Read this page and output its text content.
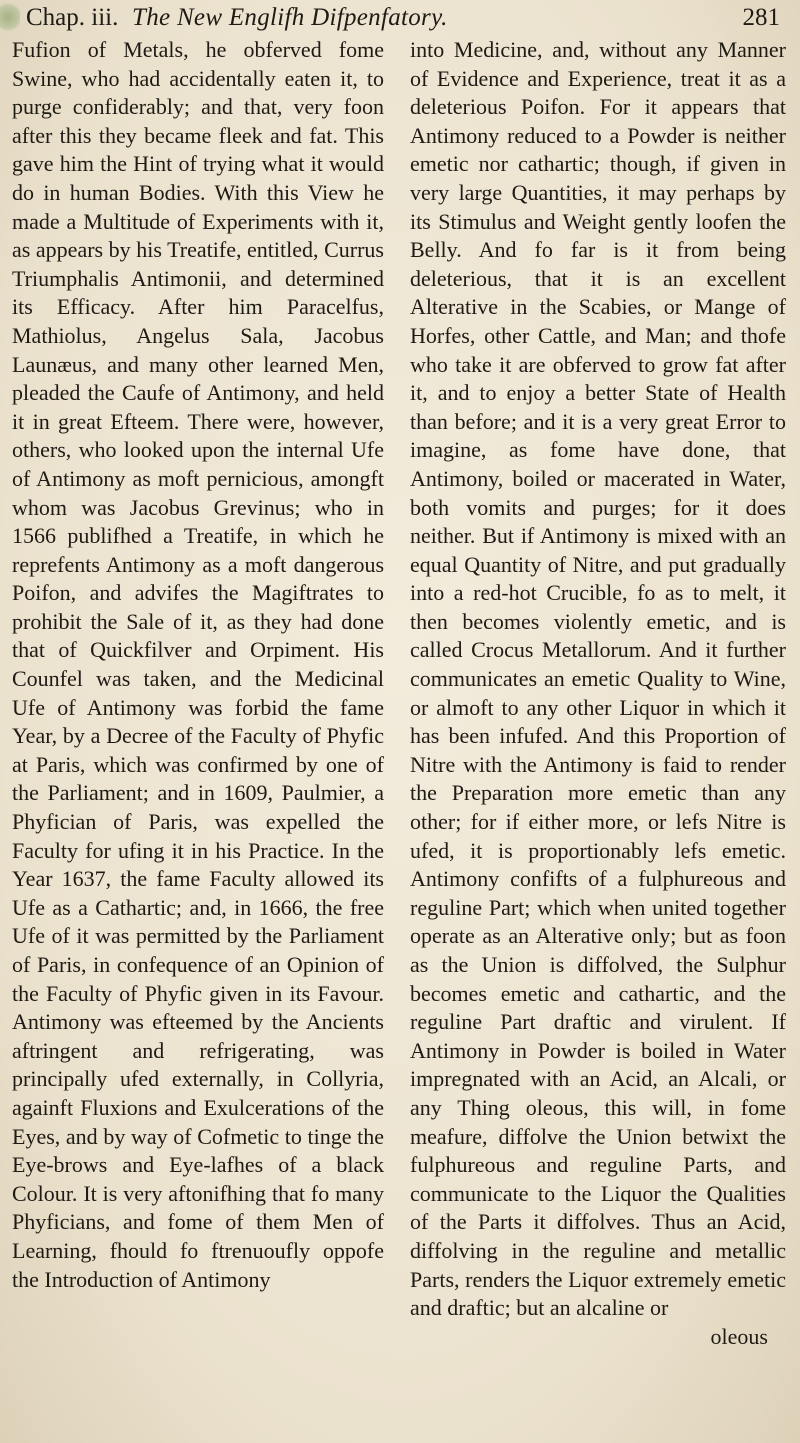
Chap. iii. The New Englifh Difpenfatory.	281

Fufion of Metals, he obferved fome Swine, who had accidentally eaten it, to purge confiderably; and that, very foon after this they became fleek and fat. This gave him the Hint of trying what it would do in human Bodies. With this View he made a Multitude of Experiments with it, as appears by his Treatife, entitled, Currus Triumphalis Antimonii, and determined its Efficacy. After him Paracelfus, Mathiolus, Angelus Sala, Jacobus Launæus, and many other learned Men, pleaded the Caufe of Antimony, and held it in great Efteem. There were, however, others, who looked upon the internal Ufe of Antimony as moft pernicious, amongft whom was Jacobus Grevinus; who in 1566 publifhed a Treatife, in which he reprefents Antimony as a moft dangerous Poifon, and advifes the Magiftrates to prohibit the Sale of it, as they had done that of Quickfilver and Orpiment. His Counfel was taken, and the Medicinal Ufe of Antimony was forbid the fame Year, by a Decree of the Faculty of Phyfic at Paris, which was confirmed by one of the Parliament; and in 1609, Paulmier, a Phyfician of Paris, was expelled the Faculty for ufing it in his Practice. In the Year 1637, the fame Faculty allowed its Ufe as a Cathartic; and, in 1666, the free Ufe of it was permitted by the Parliament of Paris, in confequence of an Opinion of the Faculty of Phyfic given in its Favour. Antimony was efteemed by the Ancients aftringent and refrigerating, was principally ufed externally, in Collyria, againft Fluxions and Exulcerations of the Eyes, and by way of Cofmetic to tinge the Eye-brows and Eye-lafhes of a black Colour. It is very aftonifhing that fo many Phyficians, and fome of them Men of Learning, fhould fo ftrenuoufly oppofe the Introduction of Antimony

into Medicine, and, without any Manner of Evidence and Experience, treat it as a deleterious Poifon. For it appears that Antimony reduced to a Powder is neither emetic nor cathartic; though, if given in very large Quantities, it may perhaps by its Stimulus and Weight gently loofen the Belly. And fo far is it from being deleterious, that it is an excellent Alterative in the Scabies, or Mange of Horfes, other Cattle, and Man; and thofe who take it are obferved to grow fat after it, and to enjoy a better State of Health than before; and it is a very great Error to imagine, as fome have done, that Antimony, boiled or macerated in Water, both vomits and purges; for it does neither. But if Antimony is mixed with an equal Quantity of Nitre, and put gradually into a red-hot Crucible, fo as to melt, it then becomes violently emetic, and is called Crocus Metallorum. And it further communicates an emetic Quality to Wine, or almoft to any other Liquor in which it has been infufed. And this Proportion of Nitre with the Antimony is faid to render the Preparation more emetic than any other; for if either more, or lefs Nitre is ufed, it is proportionably lefs emetic. Antimony confifts of a fulphureous and reguline Part; which when united together operate as an Alterative only; but as foon as the Union is diffolved, the Sulphur becomes emetic and cathartic, and the reguline Part draftic and virulent. If Antimony in Powder is boiled in Water impregnated with an Acid, an Alcali, or any Thing oleous, this will, in fome meafure, diffolve the Union betwixt the fulphureous and reguline Parts, and communicate to the Liquor the Qualities of the Parts it diffolves. Thus an Acid, diffolving in the reguline and metallic Parts, renders the Liquor extremely emetic and draftic; but an alcaline or

oleous
